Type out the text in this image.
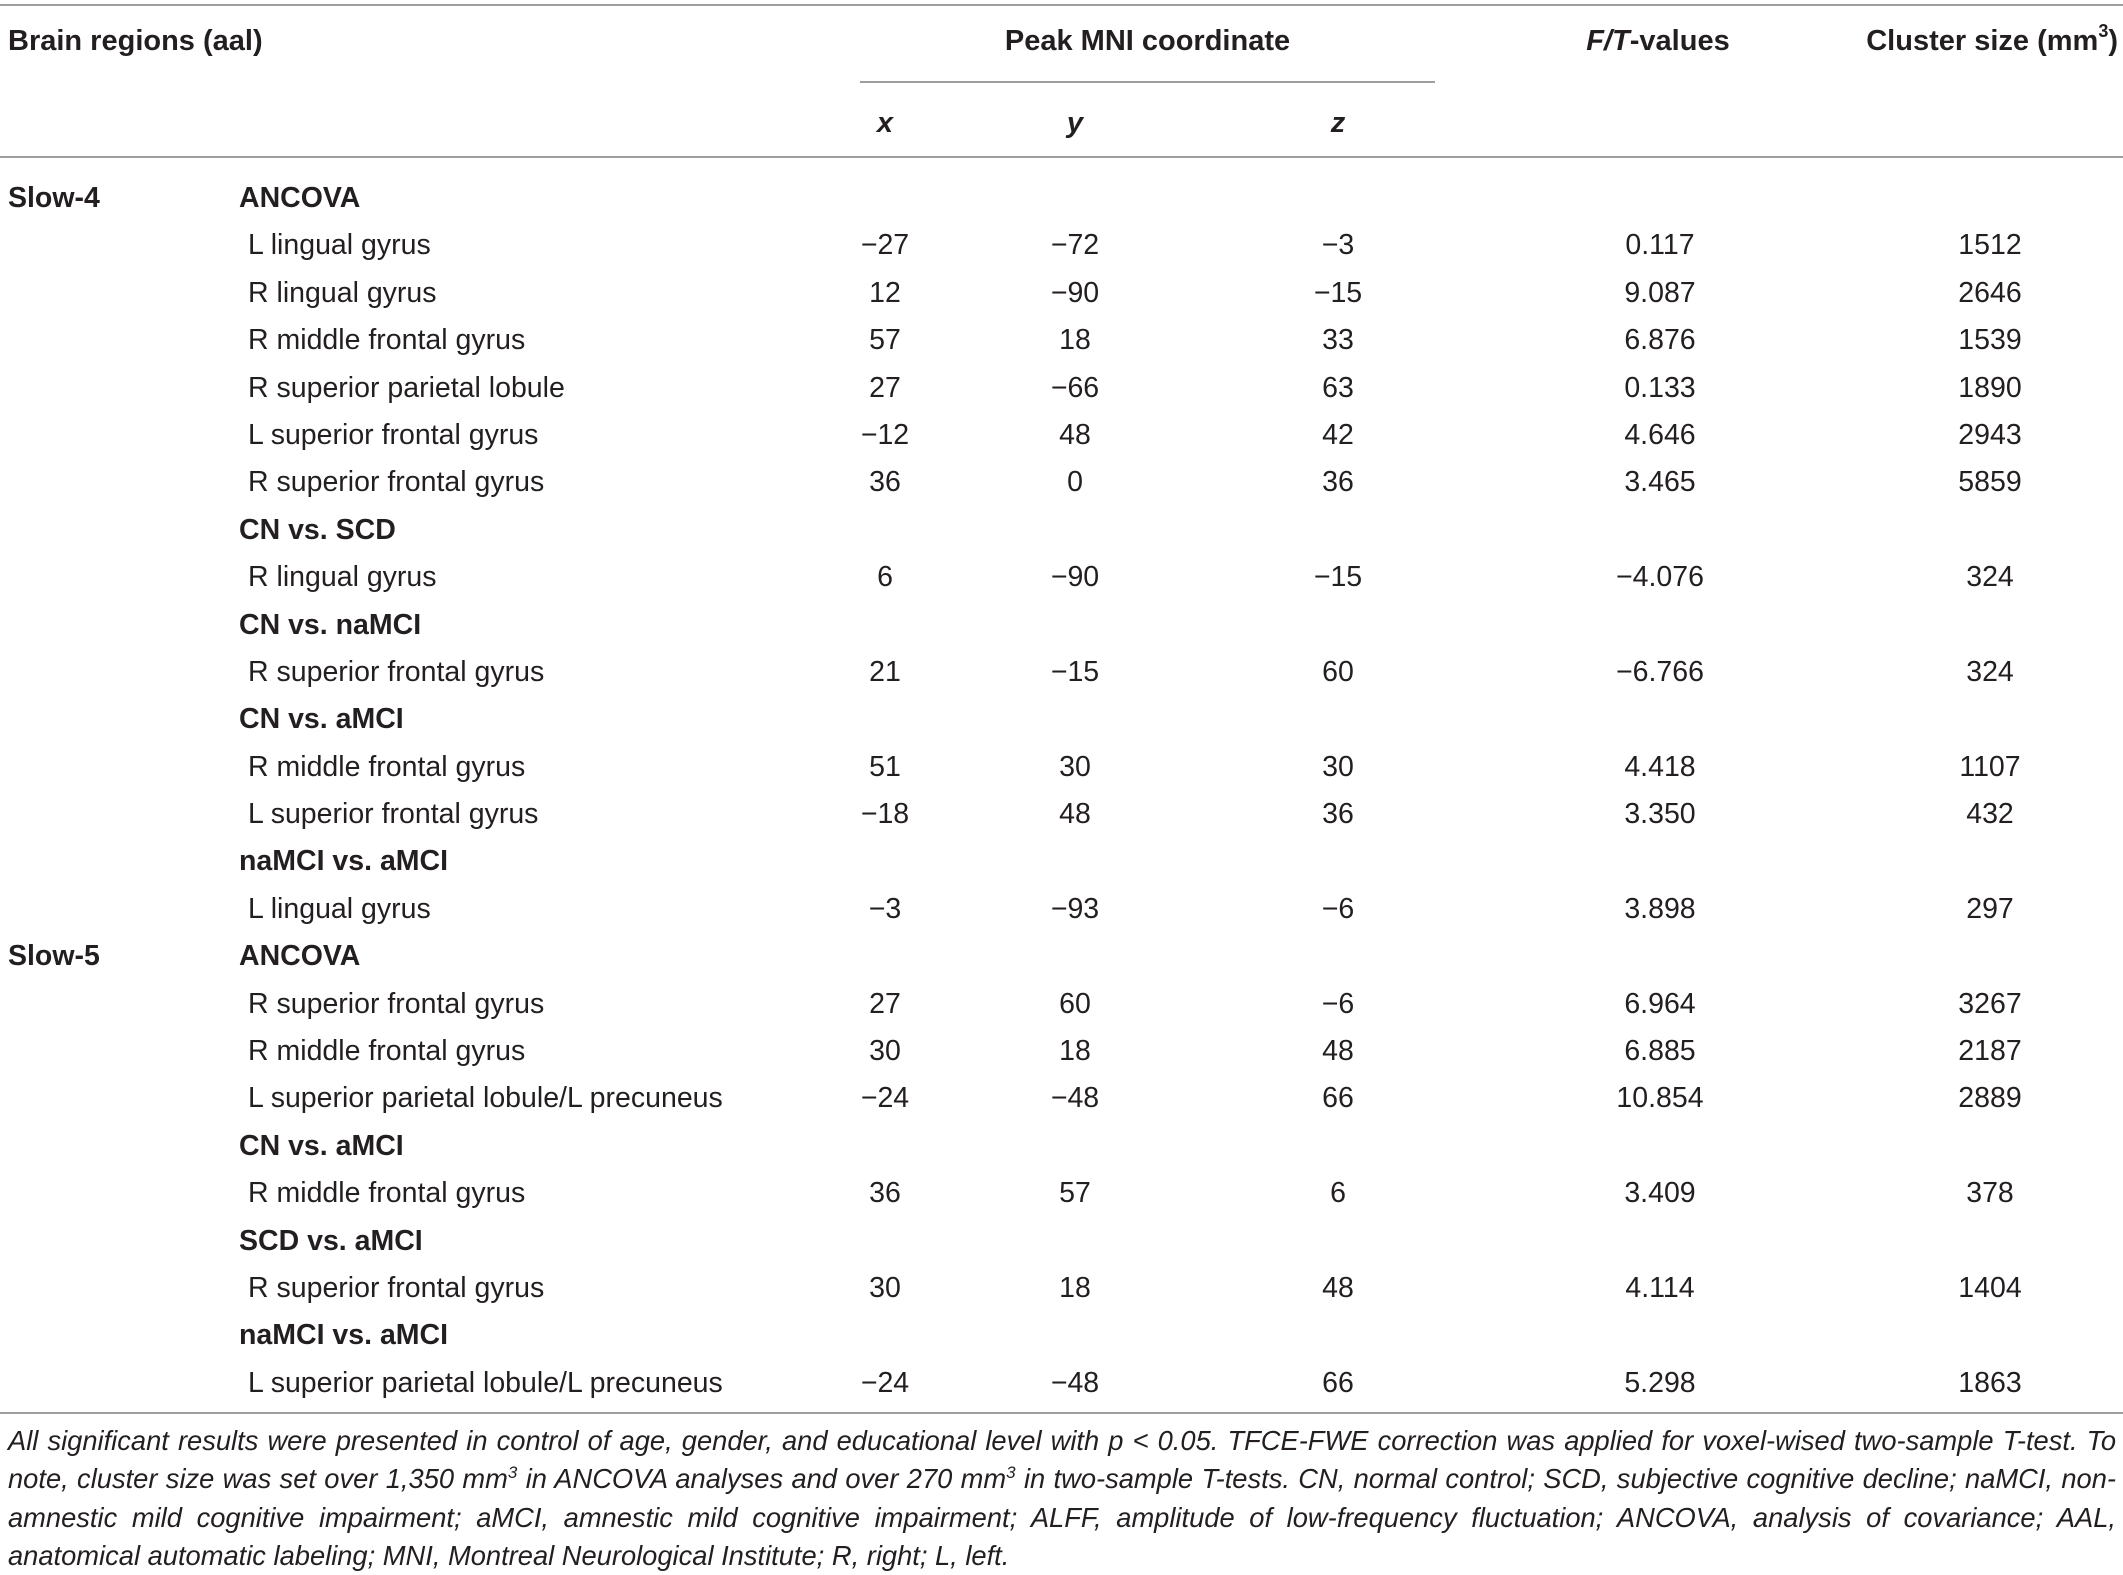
Brain regions (aal)	Peak MNI coordinate	F/T-values	Cluster size $(mm^3)$
x	y	z
Slow-4	ANCOVA
L lingual gyrus	−27	−72	−3	0.117	1512
R lingual gyrus	12	−90	−15	9.087	2646
R middle frontal gyrus	57	18	33	6.876	1539
R superior parietal lobule	27	−66	63	0.133	1890
L superior frontal gyrus	−12	48	42	4.646	2943
R superior frontal gyrus	36	0	36	3.465	5859
CN vs. SCD
R lingual gyrus	6	−90	−15	−4.076	324
CN vs. naMCI
R superior frontal gyrus	21	−15	60	−6.766	324
CN vs. aMCI
R middle frontal gyrus	51	30	30	4.418	1107
L superior frontal gyrus	−18	48	36	3.350	432
naMCI vs. aMCI
L lingual gyrus	−3	−93	−6	3.898	297
Slow-5	ANCOVA
R superior frontal gyrus	27	60	−6	6.964	3267
R middle frontal gyrus	30	18	48	6.885	2187
L superior parietal lobule/L precuneus	−24	−48	66	10.854	2889
CN vs. aMCI
R middle frontal gyrus	36	57	6	3.409	378
SCD vs. aMCI
R superior frontal gyrus	30	18	48	4.114	1404
naMCI vs. aMCI
L superior parietal lobule/L precuneus	−24	−48	66	5.298	1863
All significant results were presented in control of age, gender, and educational level with p < 0.05. TFCE-FWE correction was applied for voxel-wised two-sample T-test. To note, cluster size was set over 1,350 $mm^3$ in ANCOVA analyses and over 270 $mm^3$ in two-sample T-tests. CN, normal control; SCD, subjective cognitive decline; naMCI, non-amnestic mild cognitive impairment; aMCI, amnestic mild cognitive impairment; ALFF, amplitude of low-frequency fluctuation; ANCOVA, analysis of covariance; AAL, anatomical automatic labeling; MNI, Montreal Neurological Institute; R, right; L, left.
